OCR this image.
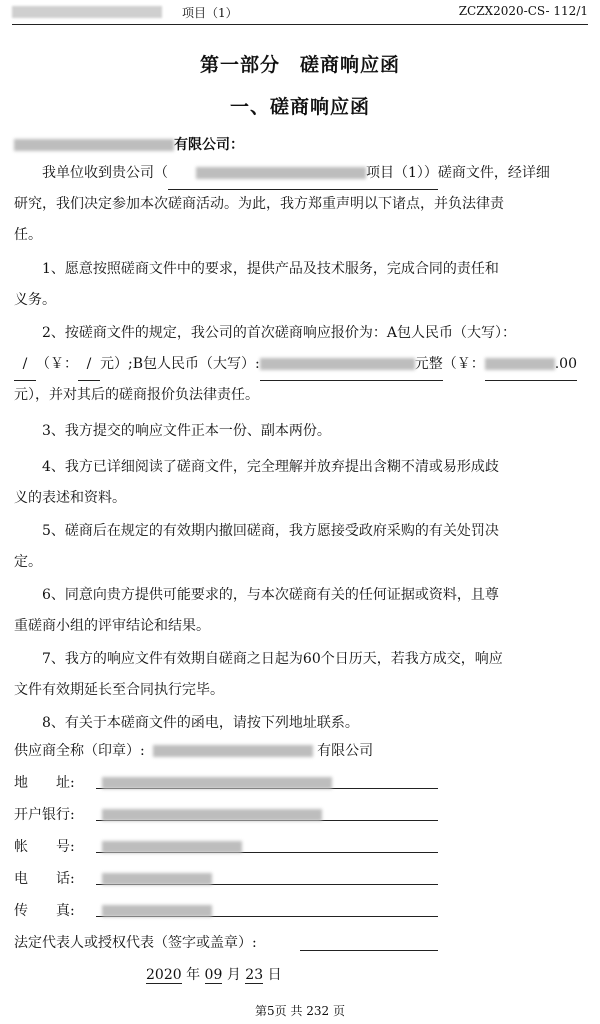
项目（1）	ZCZX2020-CS- 112/1
第一部分　磋商响应函
一、磋商响应函
有限公司：
我单位收到贵公司（	项目（1））磋商文件，经详细
研究，我们决定参加本次磋商活动。为此，我方郑重声明以下诸点，并负法律责
任。
1、愿意按照磋商文件中的要求，提供产品及技术服务，完成合同的责任和
义务。
2、按磋商文件的规定，我公司的首次磋商响应报价为：A包人民币（大写）：
/ （￥： / 元）;B包人民币（大写）:	元整（￥：	.00
元），并对其后的磋商报价负法律责任。
3、我方提交的响应文件正本一份、副本两份。
4、我方已详细阅读了磋商文件，完全理解并放弃提出含糊不清或易形成歧
义的表述和资料。
5、磋商后在规定的有效期内撤回磋商，我方愿接受政府采购的有关处罚决
定。
6、同意向贵方提供可能要求的，与本次磋商有关的任何证据或资料，且尊
重磋商小组的评审结论和结果。
7、我方的响应文件有效期自磋商之日起为60个日历天，若我方成交，响应
文件有效期延长至合同执行完毕。
8、有关于本磋商文件的函电，请按下列地址联系。
供应商全称（印章）:	有限公司
地　　址:
开户银行:
帐　　号:
电　　话:
传　　真:
法定代表人或授权代表（签字或盖章）:
2020 年 09 月 23 日
第5页 共 232 页
